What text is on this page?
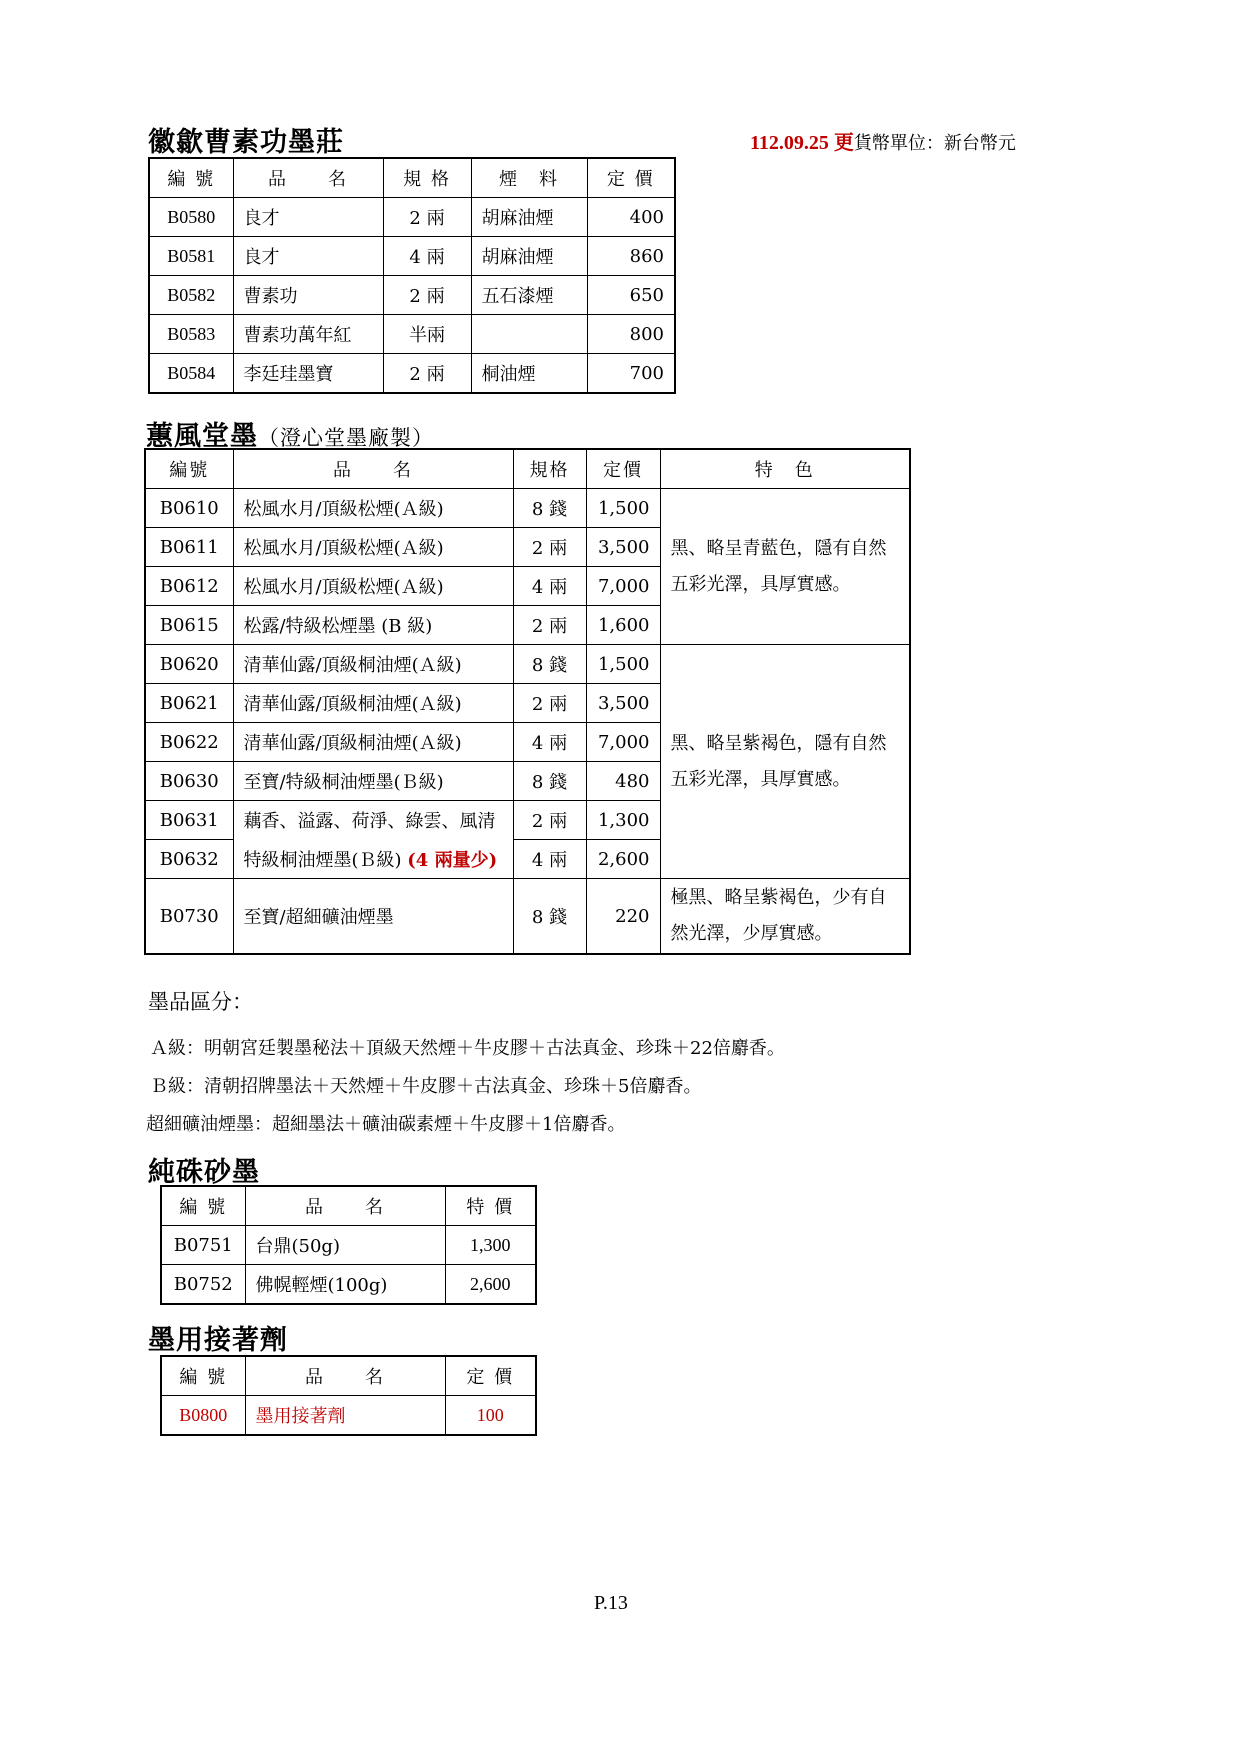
徽歙曹素功墨莊	112.09.25 更貨幣單位：新台幣元
編 號	品　　名	規 格	煙　料	定 價
B0580	良才	2 兩	胡麻油煙	400
B0581	良才	4 兩	胡麻油煙	860
B0582	曹素功	2 兩	五石漆煙	650
B0583	曹素功萬年紅	半兩		800
B0584	李廷珪墨寶	2 兩	桐油煙	700
蕙風堂墨（澄心堂墨廠製）
編號	品　　名	規格	定價	特　色
B0610	松風水月/頂級松煙(Ａ級)	8 錢	1,500	黑、略呈青藍色，隱有自然五彩光澤，具厚實感。
B0611	松風水月/頂級松煙(Ａ級)	2 兩	3,500	
B0612	松風水月/頂級松煙(Ａ級)	4 兩	7,000	
B0615	松露/特級松煙墨 (B 級)	2 兩	1,600	
B0620	清華仙露/頂級桐油煙(Ａ級)	8 錢	1,500	黑、略呈紫褐色，隱有自然五彩光澤，具厚實感。
B0621	清華仙露/頂級桐油煙(Ａ級)	2 兩	3,500	
B0622	清華仙露/頂級桐油煙(Ａ級)	4 兩	7,000	
B0630	至寶/特級桐油煙墨(Ｂ級)	8 錢	480	
B0631	藕香、溢露、荷淨、綠雲、風清	2 兩	1,300	
B0632	特級桐油煙墨(Ｂ級) (4 兩量少)	4 兩	2,600	
B0730	至寶/超細礦油煙墨	8 錢	220	極黑、略呈紫褐色，少有自然光澤，少厚實感。
墨品區分：
Ａ級：明朝宮廷製墨秘法＋頂級天然煙＋牛皮膠＋古法真金、珍珠＋22倍麝香。
Ｂ級：清朝招牌墨法＋天然煙＋牛皮膠＋古法真金、珍珠＋5倍麝香。
超細礦油煙墨：超細墨法＋礦油碳素煙＋牛皮膠＋1倍麝香。
純硃砂墨
編 號	品　　名	特 價
B0751	台鼎(50g)	1,300
B0752	佛幌輕煙(100g)	2,600
墨用接著劑
編 號	品　　名	定 價
B0800	墨用接著劑	100
P.13
